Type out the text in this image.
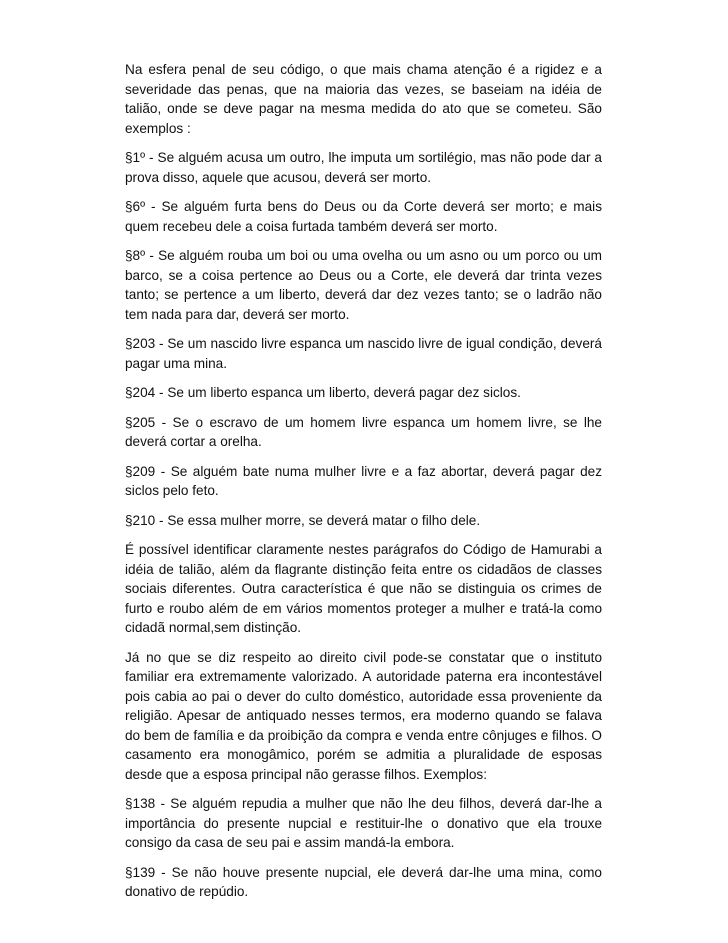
Na esfera penal de seu código, o que mais chama atenção é a rigidez e a severidade das penas, que na maioria das vezes, se baseiam na idéia de talião, onde se deve pagar na mesma medida do ato que se cometeu. São exemplos :

§1º - Se alguém acusa um outro, lhe imputa um sortilégio, mas não pode dar a prova disso, aquele que acusou, deverá ser morto.

§6º - Se alguém furta bens do Deus ou da Corte deverá ser morto; e mais quem recebeu dele a coisa furtada também deverá ser morto.

§8º - Se alguém rouba um boi ou uma ovelha ou um asno ou um porco ou um barco, se a coisa pertence ao Deus ou a Corte, ele deverá dar trinta vezes tanto; se pertence a um liberto, deverá dar dez vezes tanto; se o ladrão não tem nada para dar, deverá ser morto.

§203 - Se um nascido livre espanca um nascido livre de igual condição, deverá pagar uma mina.

§204 - Se um liberto espanca um liberto, deverá pagar dez siclos.

§205 - Se o escravo de um homem livre espanca um homem livre, se lhe deverá cortar a orelha.

§209 - Se alguém bate numa mulher livre e a faz abortar, deverá pagar dez siclos pelo feto.

§210 - Se essa mulher morre, se deverá matar o filho dele.

É possível identificar claramente nestes parágrafos do Código de Hamurabi a idéia de talião, além da flagrante distinção feita entre os cidadãos de classes sociais diferentes. Outra característica é que não se distinguia os crimes de furto e roubo além de em vários momentos proteger a mulher e tratá-la como cidadã normal,sem distinção.

Já no que se diz respeito ao direito civil pode-se constatar que o instituto familiar era extremamente valorizado. A autoridade paterna era incontestável pois cabia ao pai o dever do culto doméstico, autoridade essa proveniente da religião. Apesar de antiquado nesses termos, era moderno quando se falava do bem de família e da proibição da compra e venda entre cônjuges e filhos. O casamento era monogâmico, porém se admitia a pluralidade de esposas desde que a esposa principal não gerasse filhos. Exemplos:

§138 - Se alguém repudia a mulher que não lhe deu filhos, deverá dar-lhe a importância do presente nupcial e restituir-lhe o donativo que ela trouxe consigo da casa de seu pai e assim mandá-la embora.

§139 - Se não houve presente nupcial, ele deverá dar-lhe uma mina, como donativo de repúdio.
